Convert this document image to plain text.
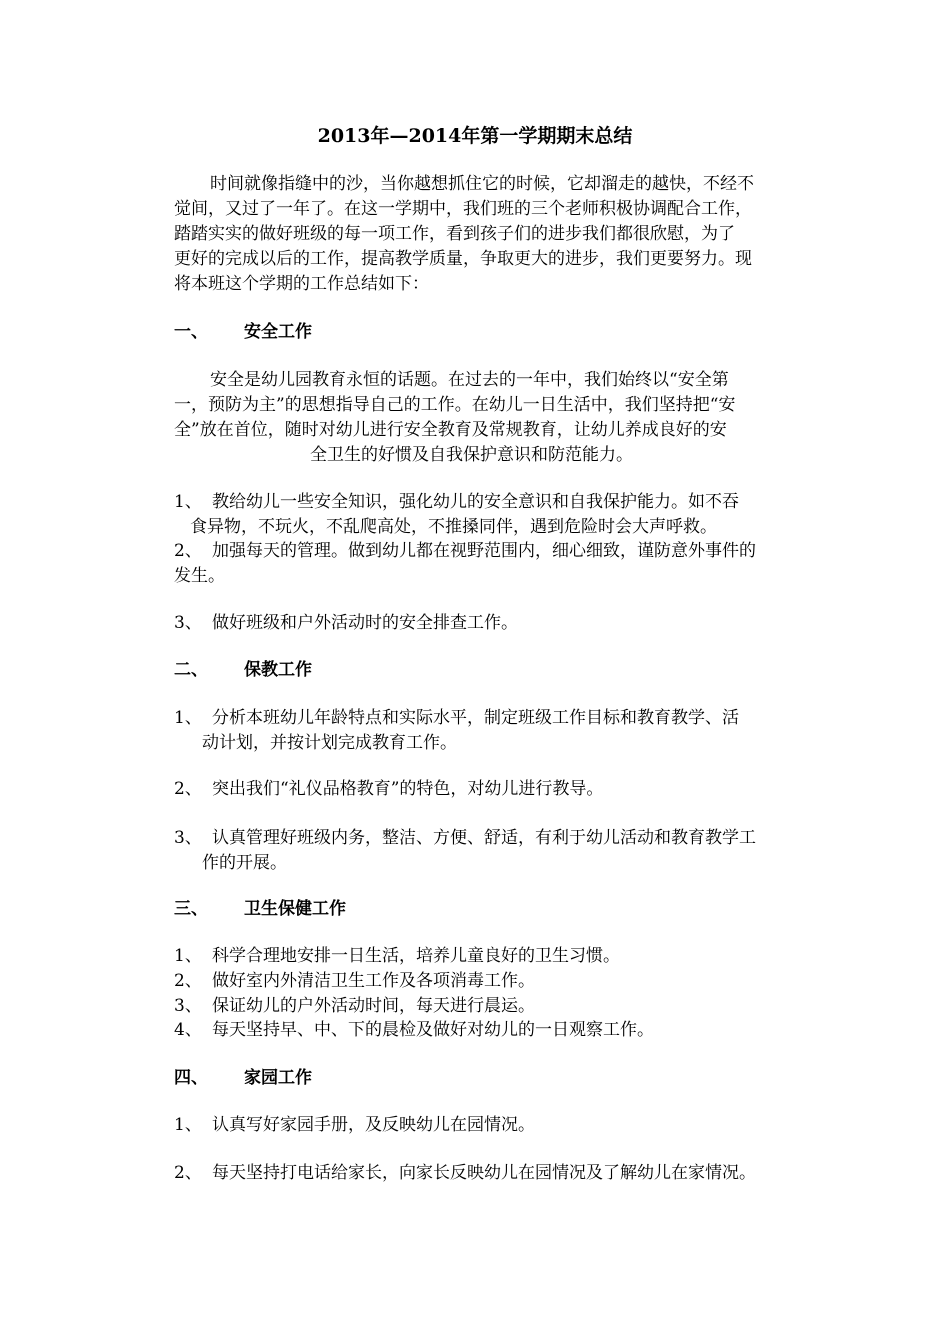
2013年—2014年第一学期期末总结
时间就像指缝中的沙，当你越想抓住它的时候，它却溜走的越快，不经不
觉间，又过了一年了。在这一学期中，我们班的三个老师积极协调配合工作，
踏踏实实的做好班级的每一项工作，看到孩子们的进步我们都很欣慰，为了
更好的完成以后的工作，提高教学质量，争取更大的进步，我们更要努力。现
将本班这个学期的工作总结如下：
一、 安全工作
安全是幼儿园教育永恒的话题。在过去的一年中，我们始终以“安全第
一，预防为主”的思想指导自己的工作。在幼儿一日生活中，我们坚持把“安
全”放在首位，随时对幼儿进行安全教育及常规教育，让幼儿养成良好的安
全卫生的好惯及自我保护意识和防范能力。
1、 教给幼儿一些安全知识，强化幼儿的安全意识和自我保护能力。如不吞
食异物，不玩火，不乱爬高处，不推搡同伴，遇到危险时会大声呼救。
2、 加强每天的管理。做到幼儿都在视野范围内，细心细致，谨防意外事件的
发生。
3、 做好班级和户外活动时的安全排查工作。
二、 保教工作
1、 分析本班幼儿年龄特点和实际水平，制定班级工作目标和教育教学、活
动计划，并按计划完成教育工作。
2、 突出我们“礼仪品格教育”的特色，对幼儿进行教导。
3、 认真管理好班级内务，整洁、方便、舒适，有利于幼儿活动和教育教学工
作的开展。
三、 卫生保健工作
1、 科学合理地安排一日生活，培养儿童良好的卫生习惯。
2、 做好室内外清洁卫生工作及各项消毒工作。
3、 保证幼儿的户外活动时间，每天进行晨运。
4、 每天坚持早、中、下的晨检及做好对幼儿的一日观察工作。
四、 家园工作
1、 认真写好家园手册，及反映幼儿在园情况。
2、 每天坚持打电话给家长，向家长反映幼儿在园情况及了解幼儿在家情况。
